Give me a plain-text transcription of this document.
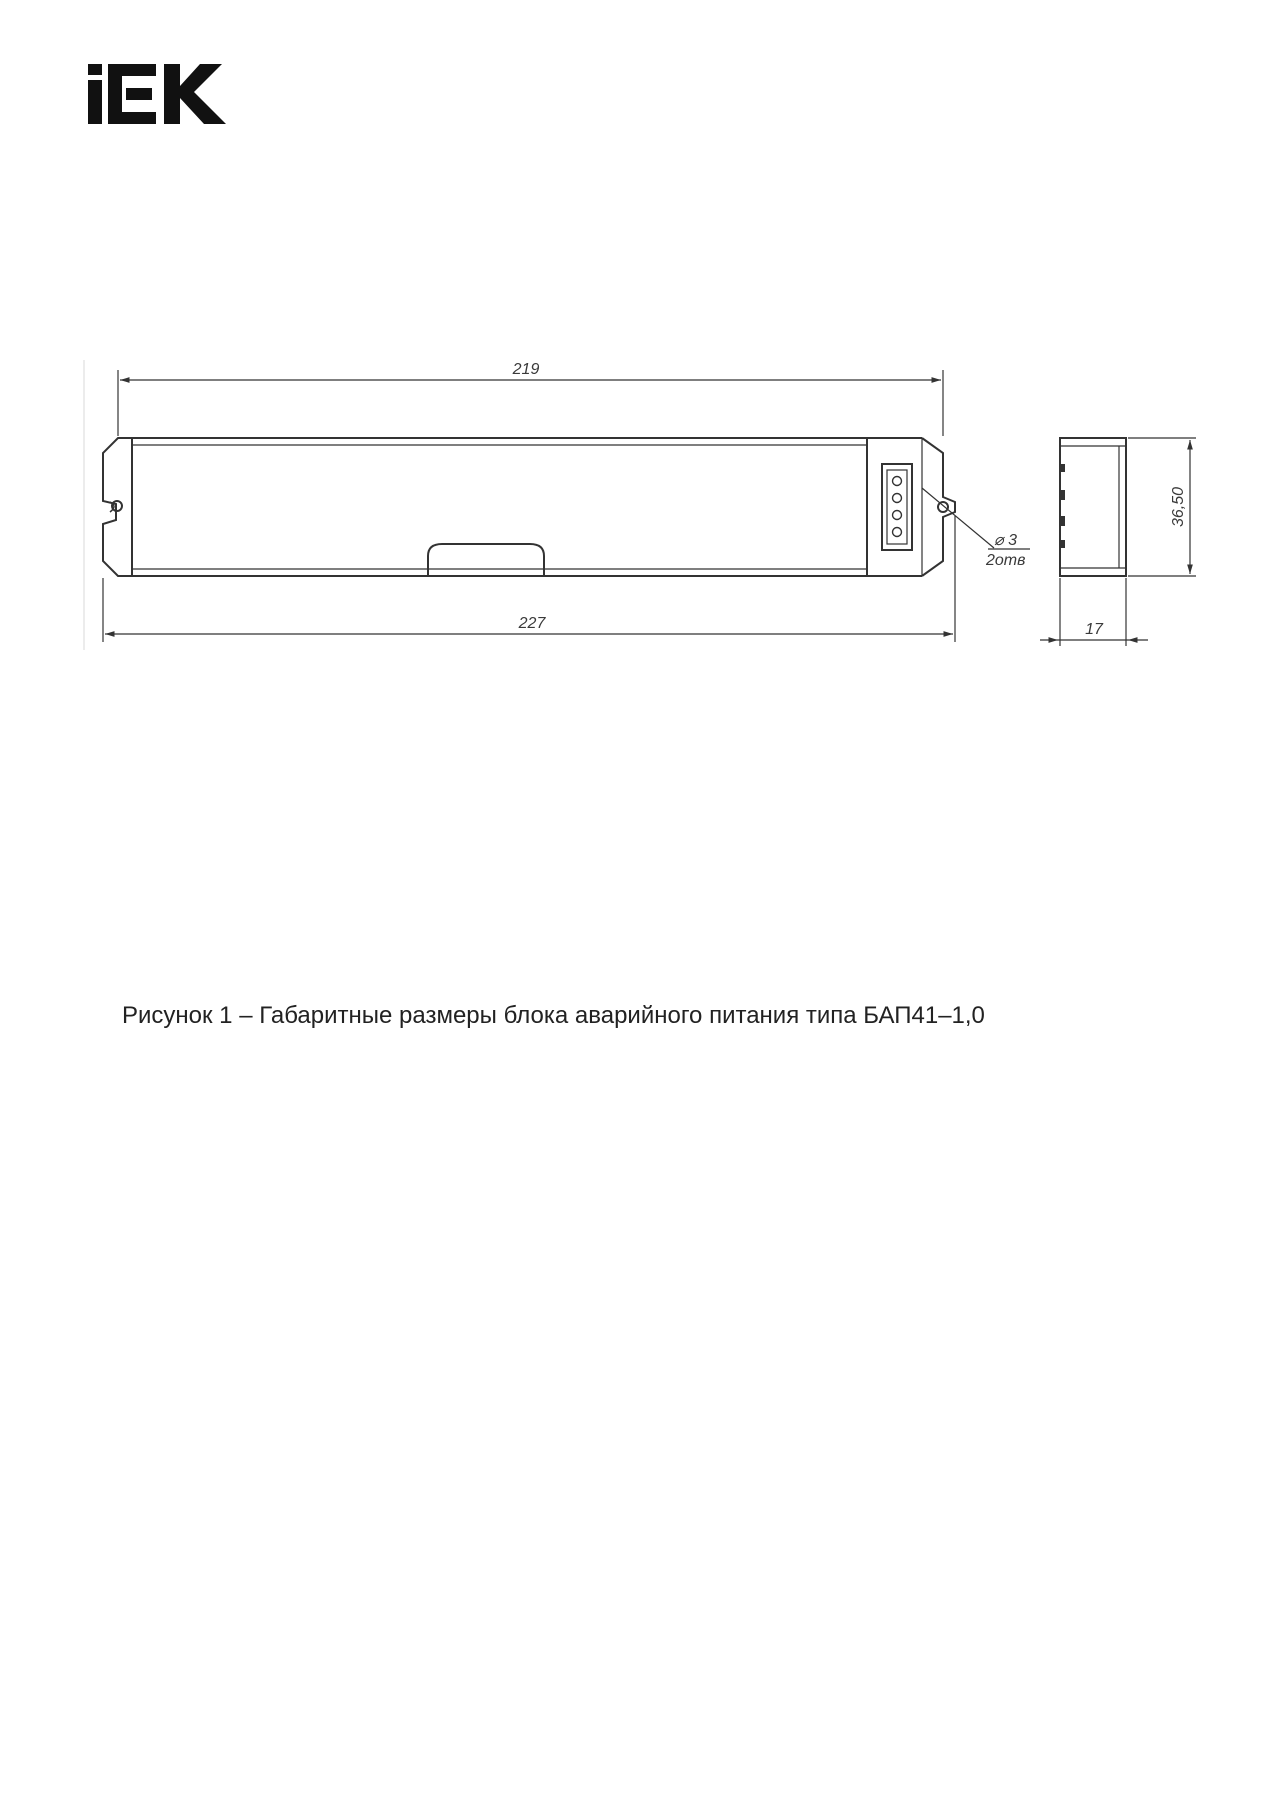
219
227
⌀ 3
2отв
36,50
17
Рисунок 1 – Габаритные размеры блока аварийного питания типа БАП41–1,0
